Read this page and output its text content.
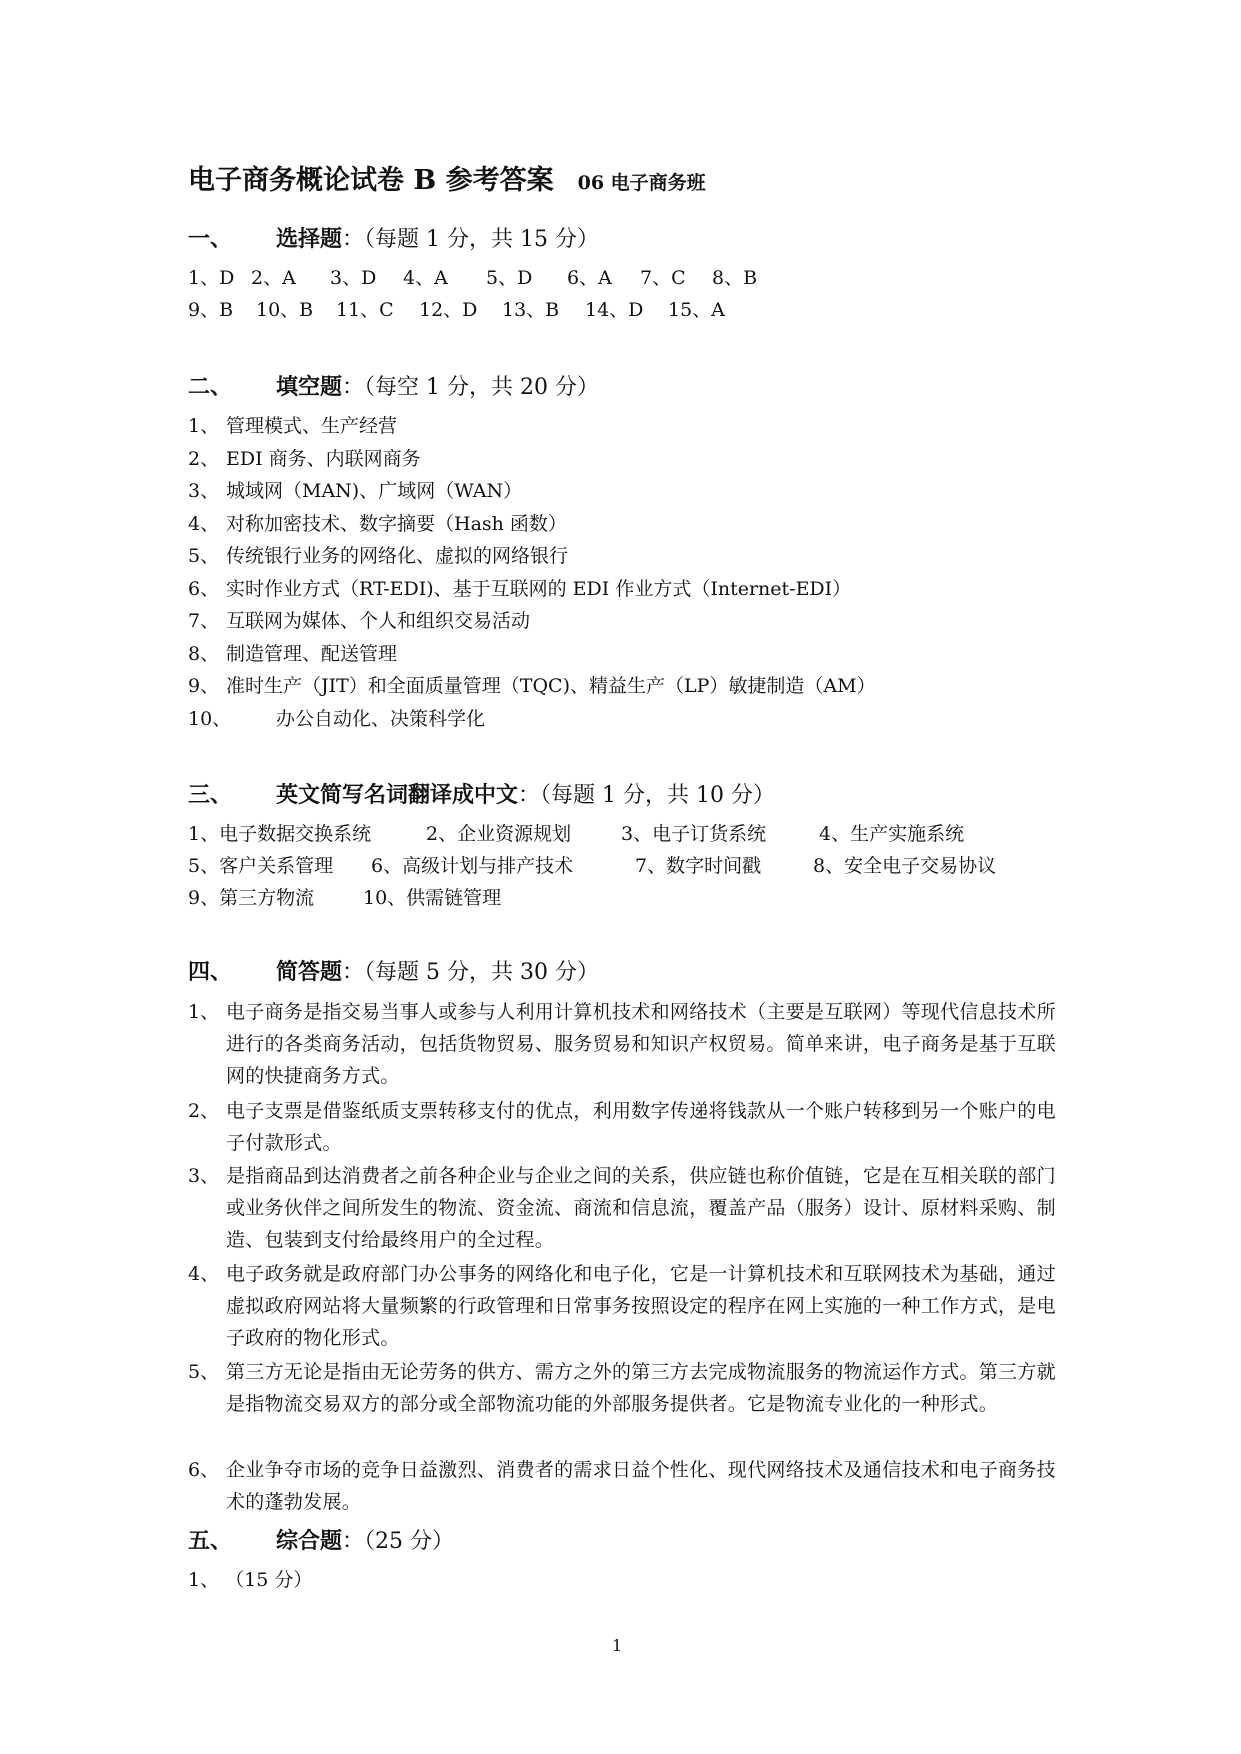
电子商务概论试卷 B 参考答案 06 电子商务班
一、 选择题：（每题 1 分，共 15 分）
1、D 2、A 3、D 4、A 5、D 6、A 7、C 8、B
9、B 10、B 11、C 12、D 13、B 14、D 15、A
二、 填空题：（每空 1 分，共 20 分）
1、 管理模式、生产经营
2、 EDI 商务、内联网商务
3、 城域网（MAN)、广域网（WAN）
4、 对称加密技术、数字摘要（Hash 函数）
5、 传统银行业务的网络化、虚拟的网络银行
6、 实时作业方式（RT-EDI)、基于互联网的 EDI 作业方式（Internet-EDI）
7、 互联网为媒体、个人和组织交易活动
8、 制造管理、配送管理
9、 准时生产（JIT）和全面质量管理（TQC)、精益生产（LP）敏捷制造（AM）
10、 办公自动化、决策科学化
三、 英文简写名词翻译成中文：（每题 1 分，共 10 分）
1、电子数据交换系统	2、企业资源规划	3、电子订货系统	4、生产实施系统
5、客户关系管理 6、高级计划与排产技术	7、数字时间戳	8、安全电子交易协议
9、第三方物流	10、供需链管理
四、 简答题：（每题 5 分，共 30 分）
1、 电子商务是指交易当事人或参与人利用计算机技术和网络技术（主要是互联网）等现代信息技术所进行的各类商务活动，包括货物贸易、服务贸易和知识产权贸易。简单来讲，电子商务是基于互联网的快捷商务方式。
2、 电子支票是借鉴纸质支票转移支付的优点，利用数字传递将钱款从一个账户转移到另一个账户的电子付款形式。
3、 是指商品到达消费者之前各种企业与企业之间的关系，供应链也称价值链，它是在互相关联的部门或业务伙伴之间所发生的物流、资金流、商流和信息流，覆盖产品（服务）设计、原材料采购、制造、包装到支付给最终用户的全过程。
4、 电子政务就是政府部门办公事务的网络化和电子化，它是一计算机技术和互联网技术为基础，通过虚拟政府网站将大量频繁的行政管理和日常事务按照设定的程序在网上实施的一种工作方式，是电子政府的物化形式。
5、 第三方无论是指由无论劳务的供方、需方之外的第三方去完成物流服务的物流运作方式。第三方就是指物流交易双方的部分或全部物流功能的外部服务提供者。它是物流专业化的一种形式。
6、 企业争夺市场的竞争日益激烈、消费者的需求日益个性化、现代网络技术及通信技术和电子商务技术的蓬勃发展。
五、 综合题：（25 分）
1、 （15 分）
1
